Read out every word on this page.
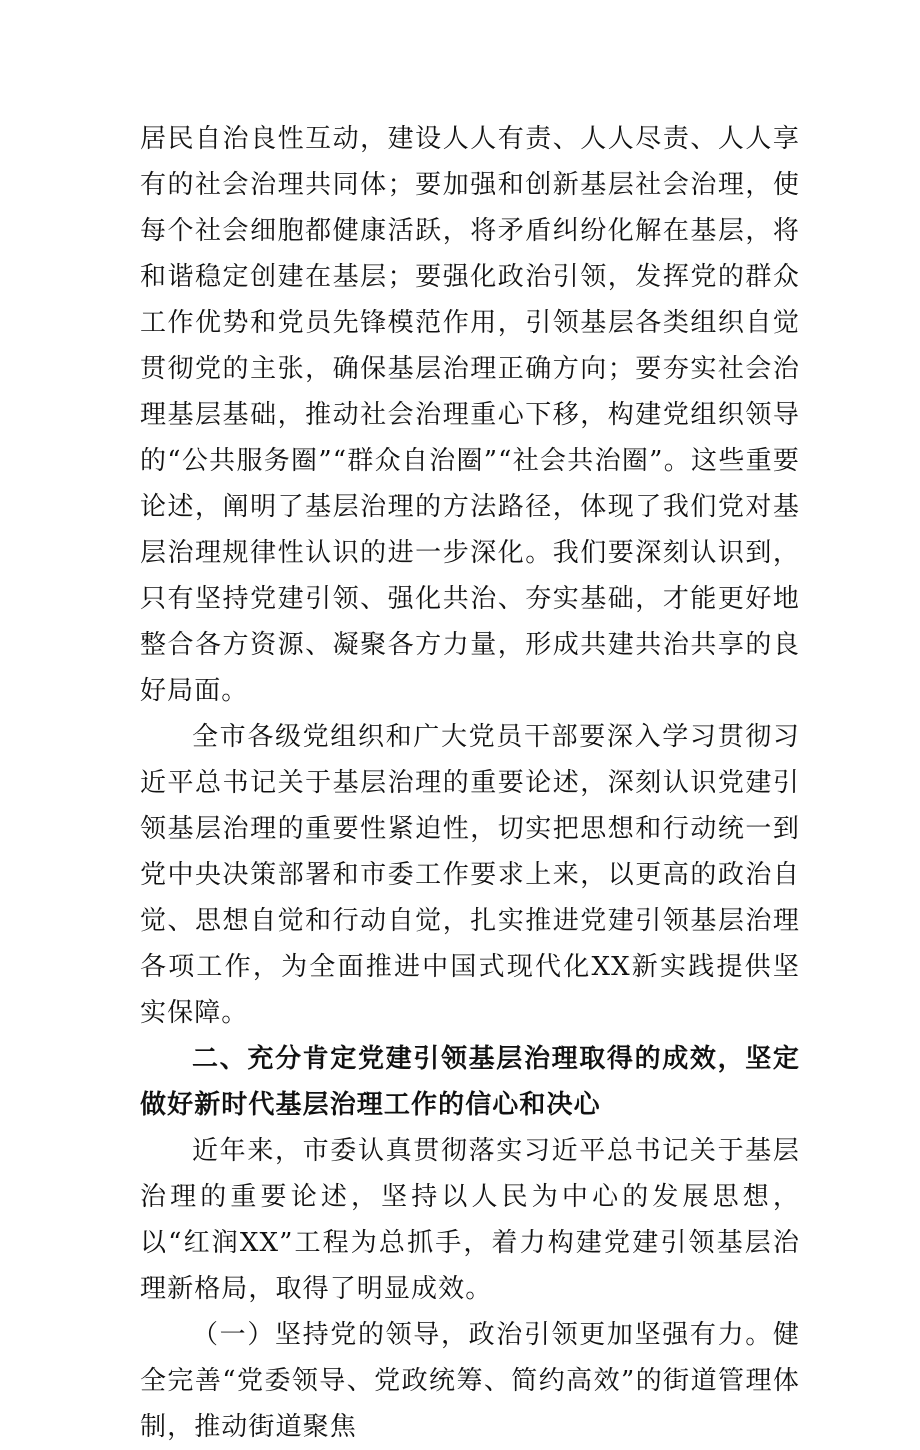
居民自治良性互动，建设人人有责、人人尽责、人人享有的社会治理共同体；要加强和创新基层社会治理，使每个社会细胞都健康活跃，将矛盾纠纷化解在基层，将和谐稳定创建在基层；要强化政治引领，发挥党的群众工作优势和党员先锋模范作用，引领基层各类组织自觉贯彻党的主张，确保基层治理正确方向；要夯实社会治理基层基础，推动社会治理重心下移，构建党组织领导的“公共服务圈”“群众自治圈”“社会共治圈”。这些重要论述，阐明了基层治理的方法路径，体现了我们党对基层治理规律性认识的进一步深化。我们要深刻认识到，只有坚持党建引领、强化共治、夯实基础，才能更好地整合各方资源、凝聚各方力量，形成共建共治共享的良好局面。

全市各级党组织和广大党员干部要深入学习贯彻习近平总书记关于基层治理的重要论述，深刻认识党建引领基层治理的重要性紧迫性，切实把思想和行动统一到党中央决策部署和市委工作要求上来，以更高的政治自觉、思想自觉和行动自觉，扎实推进党建引领基层治理各项工作，为全面推进中国式现代化XX新实践提供坚实保障。

二、充分肯定党建引领基层治理取得的成效，坚定做好新时代基层治理工作的信心和决心

近年来，市委认真贯彻落实习近平总书记关于基层治理的重要论述，坚持以人民为中心的发展思想，以“红润XX”工程为总抓手，着力构建党建引领基层治理新格局，取得了明显成效。

（一）坚持党的领导，政治引领更加坚强有力。健全完善“党委领导、党政统筹、简约高效”的街道管理体制，推动街道聚焦
